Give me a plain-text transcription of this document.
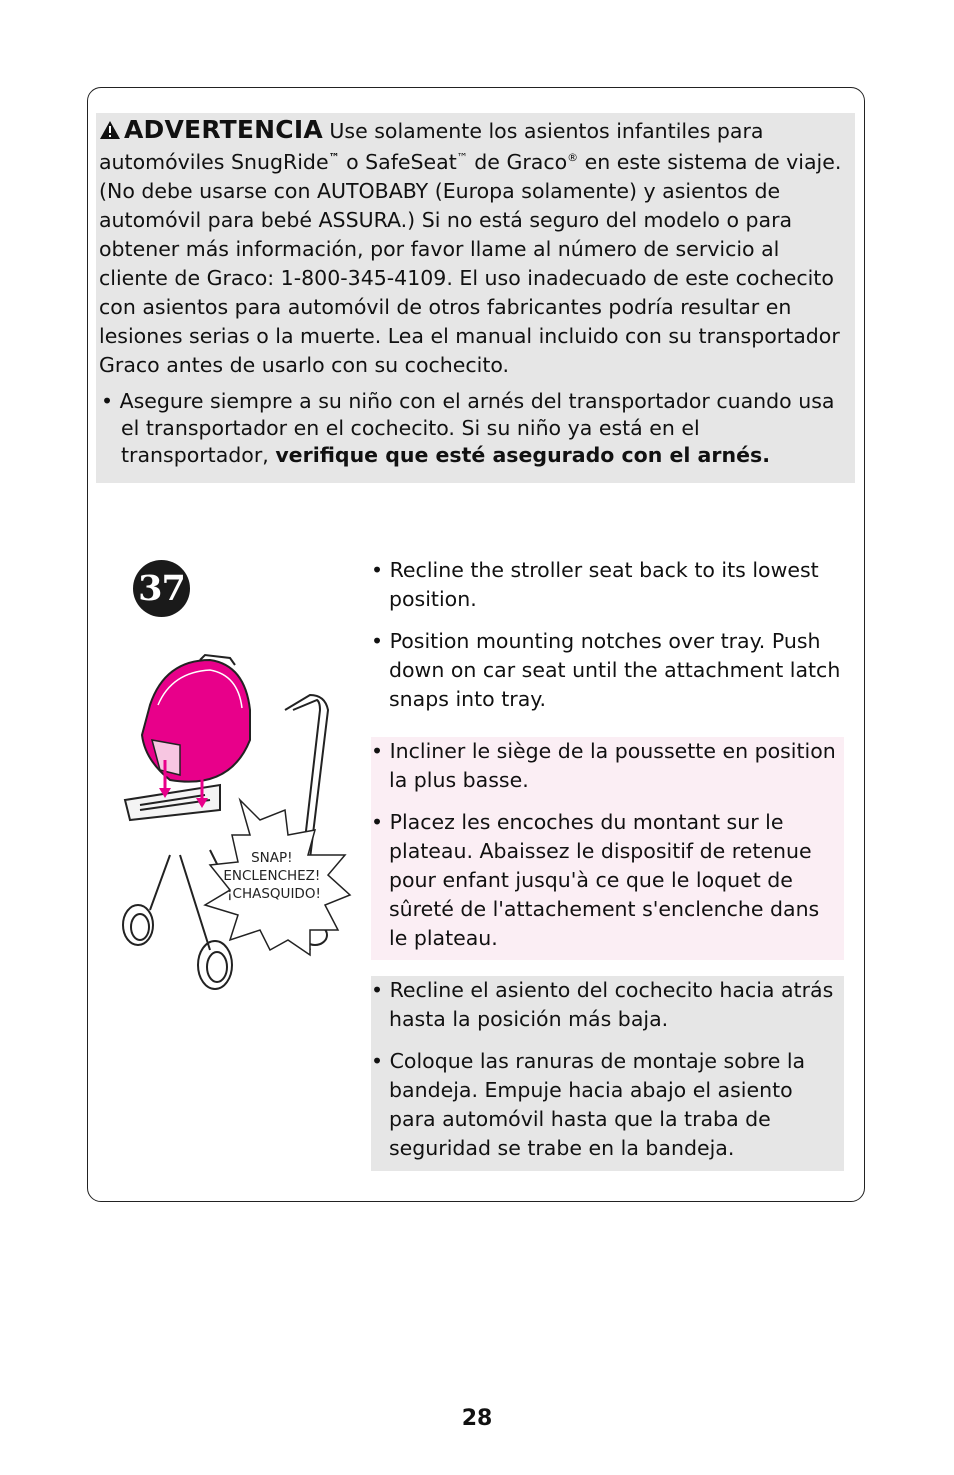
ADVERTENCIA Use solamente los asientos infantiles para automóviles SnugRide™ o SafeSeat™ de Graco® en este sistema de viaje. (No debe usarse con AUTOBABY (Europa solamente) y asientos de automóvil para bebé ASSURA.) Si no está seguro del modelo o para obtener más información, por favor llame al número de servicio al cliente de Graco: 1-800-345-4109. El uso inadecuado de este cochecito con asientos para automóvil de otros fabricantes podría resultar en lesiones serias o la muerte. Lea el manual incluido con su transportador Graco antes de usarlo con su cochecito.

• Asegure siempre a su niño con el arnés del transportador cuando usa el transportador en el cochecito. Si su niño ya está en el transportador, verifique que esté asegurado con el arnés.

37
SNAP! ENCLENCHEZ! ¡CHASQUIDO!
• Recline the stroller seat back to its lowest position.
• Position mounting notches over tray. Push down on car seat until the attachment latch snaps into tray.
• Incliner le siège de la poussette en position la plus basse.
• Placez les encoches du montant sur le plateau. Abaissez le dispositif de retenue pour enfant jusqu'à ce que le loquet de sûreté de l'attachement s'enclenche dans le plateau.
• Recline el asiento del cochecito hacia atrás hasta la posición más baja.
• Coloque las ranuras de montaje sobre la bandeja. Empuje hacia abajo el asiento para automóvil hasta que la traba de seguridad se trabe en la bandeja.
28
